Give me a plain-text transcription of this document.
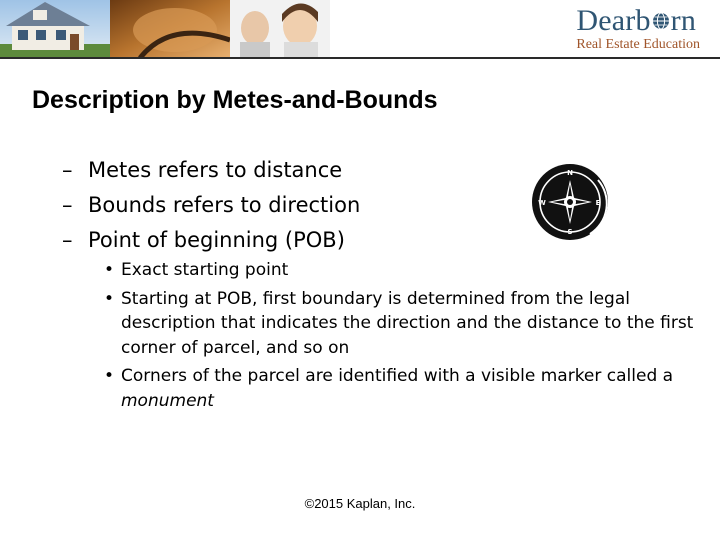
Dearb rn
Real Estate Education
Description by Metes-and-Bounds
– Metes refers to distance
– Bounds refers to direction
– Point of beginning (POB)
N
S
E
W
• Exact starting point
• Starting at POB, first boundary is determined from the legal description that indicates the direction and the distance to the first corner of parcel, and so on
• Corners of the parcel are identified with a visible marker called a monument
©2015 Kaplan, Inc.
